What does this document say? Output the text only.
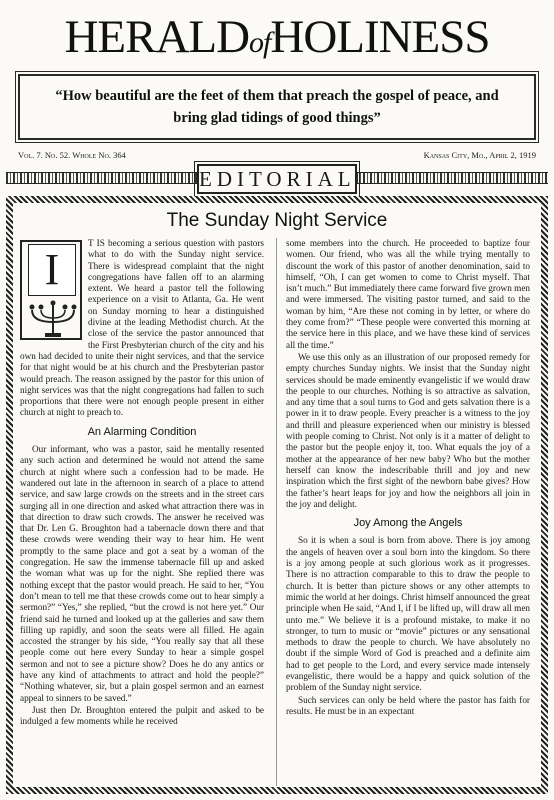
HERALDofHOLINESS
“How beautiful are the feet of them that preach the gospel of peace, and
bring glad tidings of good things”
Vol. 7. No. 52. Whole No. 364	Kansas City, Mo., April 2, 1919
EDITORIAL
The Sunday Night Service
I

T IS becoming a serious question with pastors what to do with the Sunday night service. There is widespread complaint that the night congregations have fallen off to an alarming extent. We heard a pastor tell the following experience on a visit to Atlanta, Ga. He went on Sunday morning to hear a distinguished divine at the leading Methodist church. At the close of the service the pastor announced that the First Presbyterian church of the city and his own had decided to unite their night services, and that the service for that night would be at his church and the Presbyterian pastor would preach. The reason assigned by the pastor for this union of night services was that the night congregations had fallen to such proportions that there were not enough people present in either church at night to preach to.

An Alarming Condition

Our informant, who was a pastor, said he mentally resented any such action and determined he would not attend the same church at night where such a confession had to be made. He wandered out late in the afternoon in search of a place to attend service, and saw large crowds on the streets and in the street cars surging all in one direction and asked what attraction there was in that direction to draw such crowds. The answer he received was that Dr. Len G. Broughton had a tabernacle down there and that these crowds were wending their way to hear him. He went promptly to the same place and got a seat by a woman of the congregation. He saw the immense tabernacle fill up and asked the woman what was up for the night. She replied there was nothing except that the pastor would preach. He said to her, “You don’t mean to tell me that these crowds come out to hear simply a sermon?” “Yes,” she replied, “but the crowd is not here yet.” Our friend said he turned and looked up at the galleries and saw them filling up rapidly, and soon the seats were all filled. He again accosted the stranger by his side, “You really say that all these people come out here every Sunday to hear a simple gospel sermon and not to see a picture show? Does he do any antics or have any kind of attachments to attract and hold the people?” “Nothing whatever, sir, but a plain gospel sermon and an earnest appeal to sinners to be saved.”

Just then Dr. Broughton entered the pulpit and asked to be indulged a few moments while he received

some members into the church. He proceeded to baptize four women. Our friend, who was all the while trying mentally to discount the work of this pastor of another denomination, said to himself, “Oh, I can get women to come to Christ myself. That isn’t much.” But immediately there came forward five grown men and were immersed. The visiting pastor turned, and said to the woman by him, “Are these not coming in by letter, or where do they come from?” “These people were converted this morning at the service here in this place, and we have these kind of services all the time.”

We use this only as an illustration of our proposed remedy for empty churches Sunday nights. We insist that the Sunday night services should be made eminently evangelistic if we would draw the people to our churches. Nothing is so attractive as salvation, and any time that a soul turns to God and gets salvation there is a power in it to draw people. Every preacher is a witness to the joy and thrill and pleasure experienced when our ministry is blessed with people coming to Christ. Not only is it a matter of delight to the pastor but the people enjoy it, too. What equals the joy of a mother at the appearance of her new baby? Who but the mother herself can know the indescribable thrill and joy and new inspiration which the first sight of the newborn babe gives? How the father’s heart leaps for joy and how the neighbors all join in the joy and delight.

Joy Among the Angels

So it is when a soul is born from above. There is joy among the angels of heaven over a soul born into the kingdom. So there is a joy among people at such glorious work as it progresses. There is no attraction comparable to this to draw the people to church. It is better than picture shows or any other attempts to mimic the world at her doings. Christ himself announced the great principle when He said, “And I, if I be lifted up, will draw all men unto me.” We believe it is a profound mistake, to make it no stronger, to turn to music or “movie” pictures or any sensational methods to draw the people to church. We have absolutely no doubt if the simple Word of God is preached and a definite aim had to get people to the Lord, and every service made intensely evangelistic, there would be a happy and quick solution of the problem of the Sunday night service.

Such services can only be held where the pastor has faith for results. He must be in an expectant
